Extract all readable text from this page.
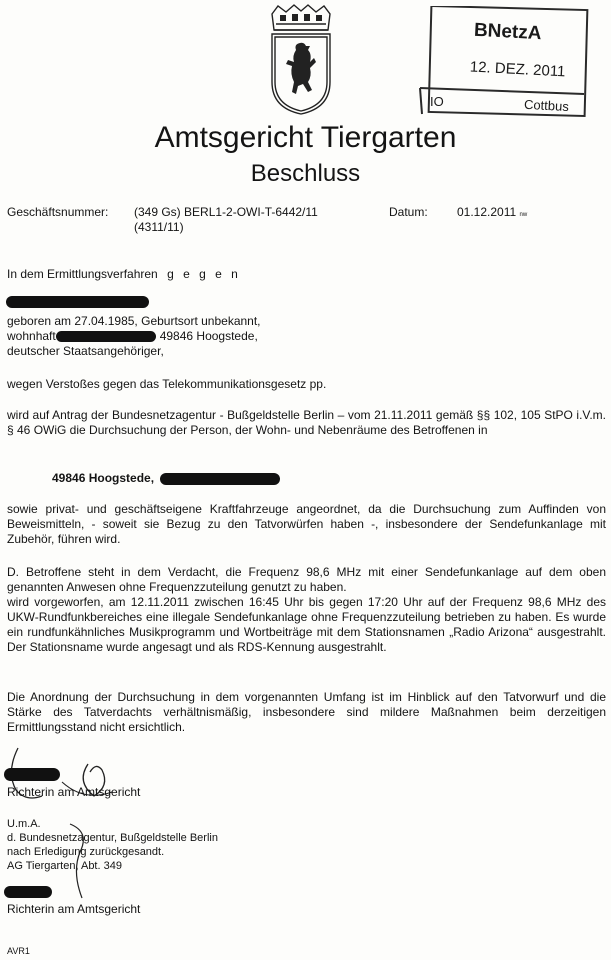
BNetzA
12. DEZ. 2011
IO	Cottbus
Amtsgericht Tiergarten
Beschluss
Geschäftsnummer: (349 Gs) BERL1-2-OWI-T-6442/11
(4311/11)
Datum: 01.12.2011 nw
In dem Ermittlungsverfahren g e g e n
geboren am 27.04.1985, Geburtsort unbekannt,
wohnhaft	49846 Hoogstede,
deutscher Staatsangehöriger,
wegen Verstoßes gegen das Telekommunikationsgesetz pp.
wird auf Antrag der Bundesnetzagentur - Bußgeldstelle Berlin – vom 21.11.2011 gemäß §§ 102, 105 StPO i.V.m. § 46 OWiG die Durchsuchung der Person, der Wohn- und Nebenräume des Betroffenen in
49846 Hoogstede,
sowie privat- und geschäftseigene Kraftfahrzeuge angeordnet, da die Durchsuchung zum Auffinden von Beweismitteln, - soweit sie Bezug zu den Tatvorwürfen haben -, insbesondere der Sendefunkanlage mit Zubehör, führen wird.
D. Betroffene steht in dem Verdacht, die Frequenz 98,6 MHz mit einer Sendefunkanlage auf dem oben genannten Anwesen ohne Frequenzzuteilung genutzt zu haben.
wird vorgeworfen, am 12.11.2011 zwischen 16:45 Uhr bis gegen 17:20 Uhr auf der Frequenz 98,6 MHz des UKW-Rundfunkbereiches eine illegale Sendefunkanlage ohne Frequenzzuteilung betrieben zu haben. Es wurde ein rundfunkähnliches Musikprogramm und Wortbeiträge mit dem Stationsnamen „Radio Arizona“ ausgestrahlt. Der Stationsname wurde angesagt und als RDS-Kennung ausgestrahlt.
Die Anordnung der Durchsuchung in dem vorgenannten Umfang ist im Hinblick auf den Tatvorwurf und die Stärke des Tatverdachts verhältnismäßig, insbesondere sind mildere Maßnahmen beim derzeitigen Ermittlungsstand nicht ersichtlich.
Richterin am Amtsgericht
U.m.A.
d. Bundesnetzagentur, Bußgeldstelle Berlin
nach Erledigung zurückgesandt.
AG Tiergarten, Abt. 349
Richterin am Amtsgericht
AVR1
